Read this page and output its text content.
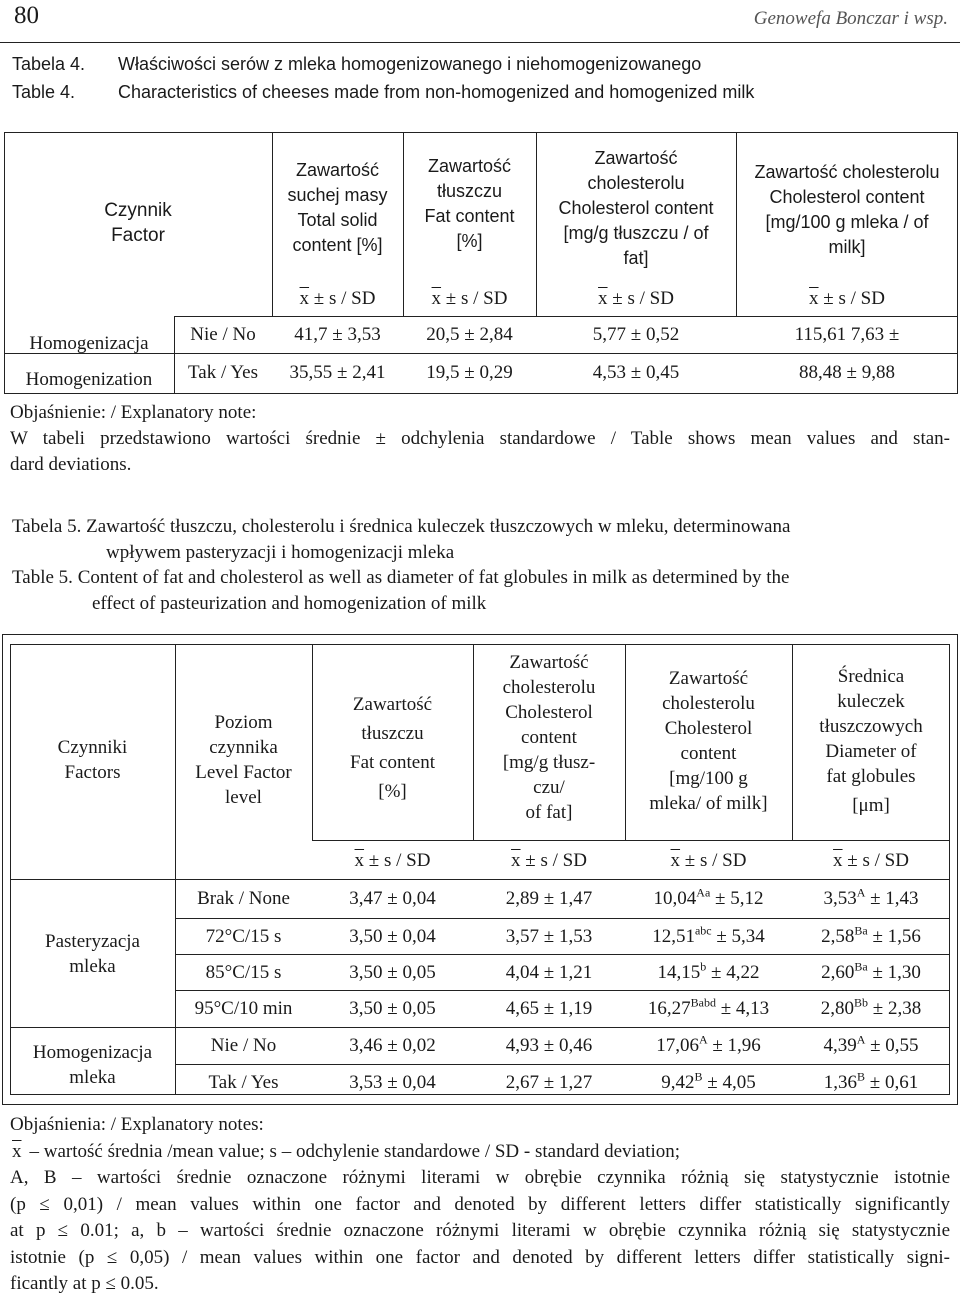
80	Genowefa Bonczar i wsp.
Tabela 4.	Właściwości serów z mleka homogenizowanego i niehomogenizowanego
Table 4.	Characteristics of cheeses made from non-homogenized and homogenized milk
Czynnik
Factor
Zawartość
suchej masy
Total solid
content [%]
Zawartość
tłuszczu
Fat content
[%]
Zawartość
cholesterolu
Cholesterol content
[mg/g tłuszczu / of
fat]
Zawartość cholesterolu
Cholesterol content
[mg/100 g mleka / of
milk]
$\overline{x} \pm s$ / SD	$\overline{x} \pm s$ / SD	$\overline{x} \pm s$ / SD	$\overline{x} \pm s$ / SD
Homogenizacja
Homogenization
Nie / No	41,7 ± 3,53	20,5 ± 2,84	5,77 ± 0,52	115,61 7,63 ±
Tak / Yes	35,55 ± 2,41	19,5 ± 0,29	4,53 ± 0,45	88,48 ± 9,88
Objaśnienie: / Explanatory note:
W tabeli przedstawiono wartości średnie ± odchylenia standardowe / Table shows mean values and stan-
dard deviations.
Tabela 5. Zawartość tłuszczu, cholesterolu i średnica kuleczek tłuszczowych w mleku, determinowana
wpływem pasteryzacji i homogenizacji mleka
Table 5. Content of fat and cholesterol as well as diameter of fat globules in milk as determined by the
effect of pasteurization and homogenization of milk
Czynniki
Factors
Poziom
czynnika
Level Factor
level
Zawartość
tłuszczu
Fat content
[%]
Zawartość
cholesterolu
Cholesterol
content
[mg/g tłusz-
czu/
of fat]
Zawartość
cholesterolu
Cholesterol
content
[mg/100 g
mleka/ of milk]
Średnica
kuleczek
tłuszczowych
Diameter of
fat globules
[μm]
$\overline{x} \pm s$ / SD	$\overline{x} \pm s$ / SD	$\overline{x} \pm s$ / SD	$\overline{x} \pm s$ / SD
Pasteryzacja
mleka
Homogenizacja
mleka
Brak / None	3,47 ± 0,04	2,89 ± 1,47	$10,04^{Aa} \pm 5,12$	$3,53^A \pm 1,43$
72°C/15 s	3,50 ± 0,04	3,57 ± 1,53	12,51$^{abc}$ ± 5,34	$2,58^{Ba} \pm 1,56$
85°C/15 s	3,50 ± 0,05	4,04 ± 1,21	14,15$^b$ ± 4,22	$2,60^{Ba} \pm 1,30$
95°C/10 min	3,50 ± 0,05	4,65 ± 1,19	$16,27^{Babd} \pm 4,13$	$2,80^{Bb} \pm 2,38$
Nie / No	3,46 ± 0,02	4,93 ± 0,46	$17,06^A \pm 1,96$	$4,39^A \pm 0,55$
Tak / Yes	3,53 ± 0,04	2,67 ± 1,27	$9,42^B \pm 4,05$	$1,36^B \pm 0,61$
Objaśnienia: / Explanatory notes:
$\overline{x}$ – wartość średnia /mean value; s – odchylenie standardowe / SD - standard deviation;
A, B – wartości średnie oznaczone różnymi literami w obrębie czynnika różnią się statystycznie istotnie
(p ≤ 0,01) / mean values within one factor and denoted by different letters differ statistically significantly
at p ≤ 0.01; a, b – wartości średnie oznaczone różnymi literami w obrębie czynnika różnią się statystycznie
istotnie (p ≤ 0,05) / mean values within one factor and denoted by different letters differ statistically signi-
ficantly at p ≤ 0.05.
